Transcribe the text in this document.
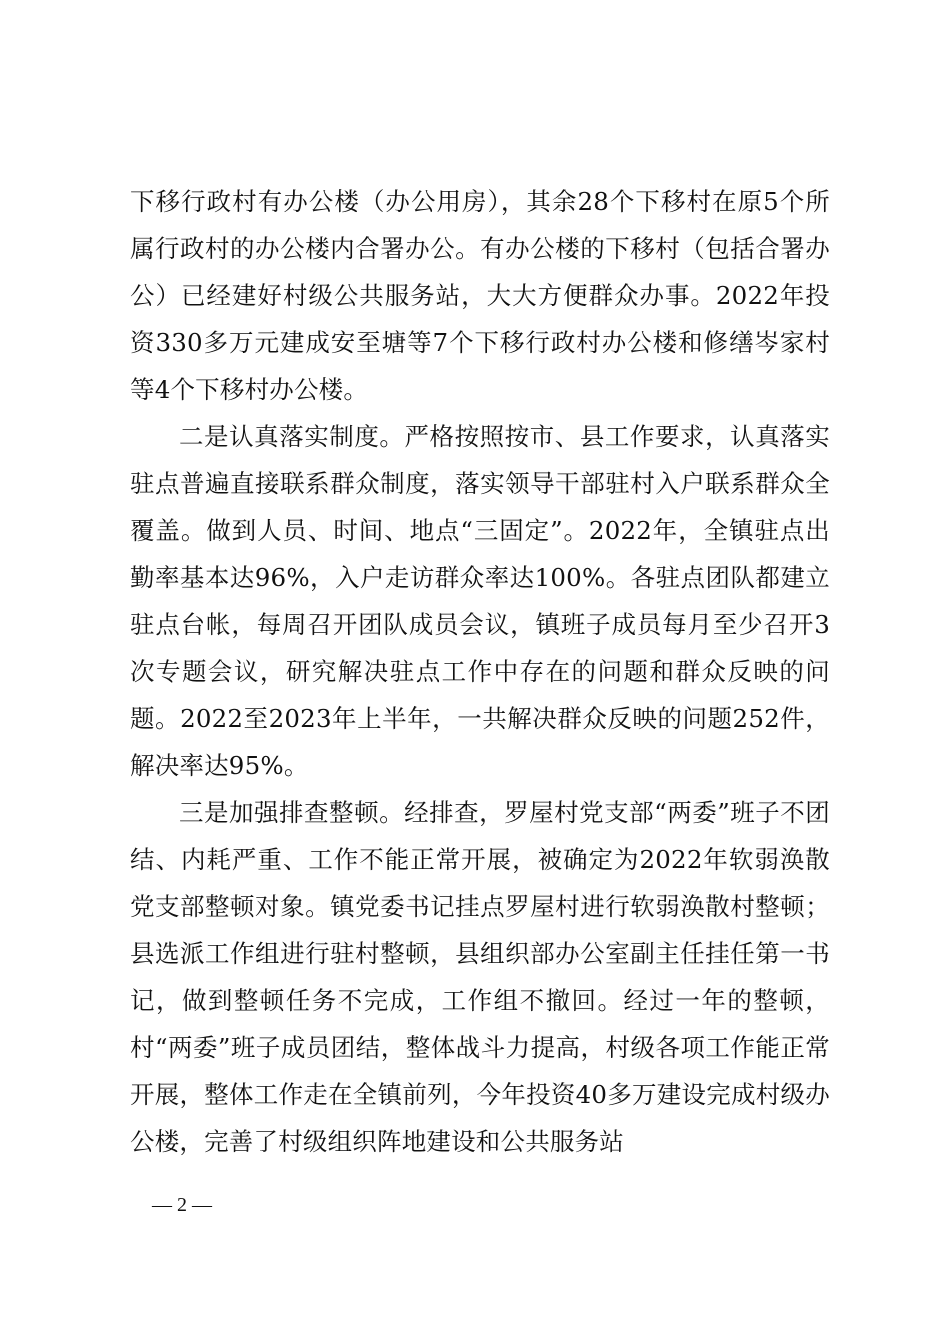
下移行政村有办公楼（办公用房），其余28个下移村在原5个所属行政村的办公楼内合署办公。有办公楼的下移村（包括合署办公）已经建好村级公共服务站，大大方便群众办事。2022年投资330多万元建成安至塘等7个下移行政村办公楼和修缮岑家村等4个下移村办公楼。

二是认真落实制度。严格按照按市、县工作要求，认真落实驻点普遍直接联系群众制度，落实领导干部驻村入户联系群众全覆盖。做到人员、时间、地点“三固定”。2022年，全镇驻点出勤率基本达96%，入户走访群众率达100%。各驻点团队都建立驻点台帐，每周召开团队成员会议，镇班子成员每月至少召开3次专题会议，研究解决驻点工作中存在的问题和群众反映的问题。2022至2023年上半年，一共解决群众反映的问题252件，解决率达95%。

三是加强排查整顿。经排查，罗屋村党支部“两委”班子不团结、内耗严重、工作不能正常开展，被确定为2022年软弱涣散党支部整顿对象。镇党委书记挂点罗屋村进行软弱涣散村整顿；县选派工作组进行驻村整顿，县组织部办公室副主任挂任第一书记，做到整顿任务不完成，工作组不撤回。经过一年的整顿，村“两委”班子成员团结，整体战斗力提高，村级各项工作能正常开展，整体工作走在全镇前列，今年投资40多万建设完成村级办公楼，完善了村级组织阵地建设和公共服务站

— 2 —
